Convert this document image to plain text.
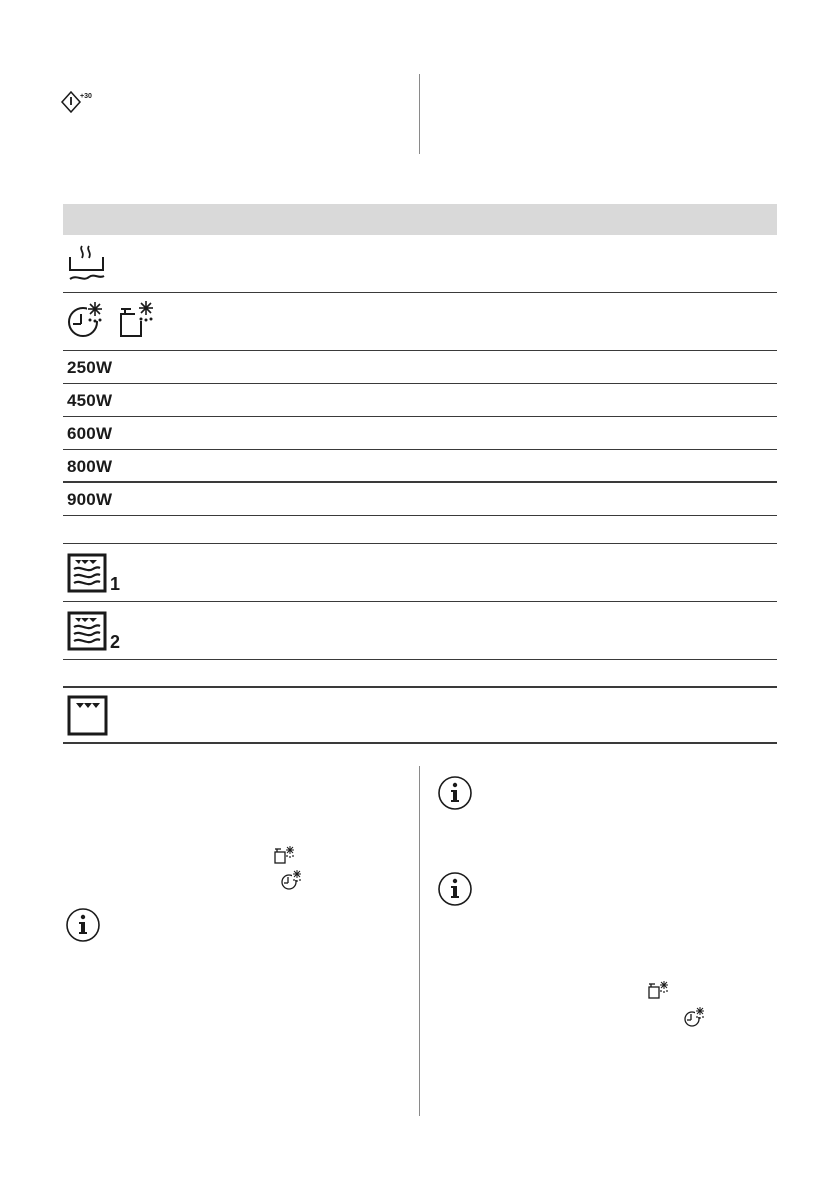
+30
250W
450W
600W
800W
900W
1
2
